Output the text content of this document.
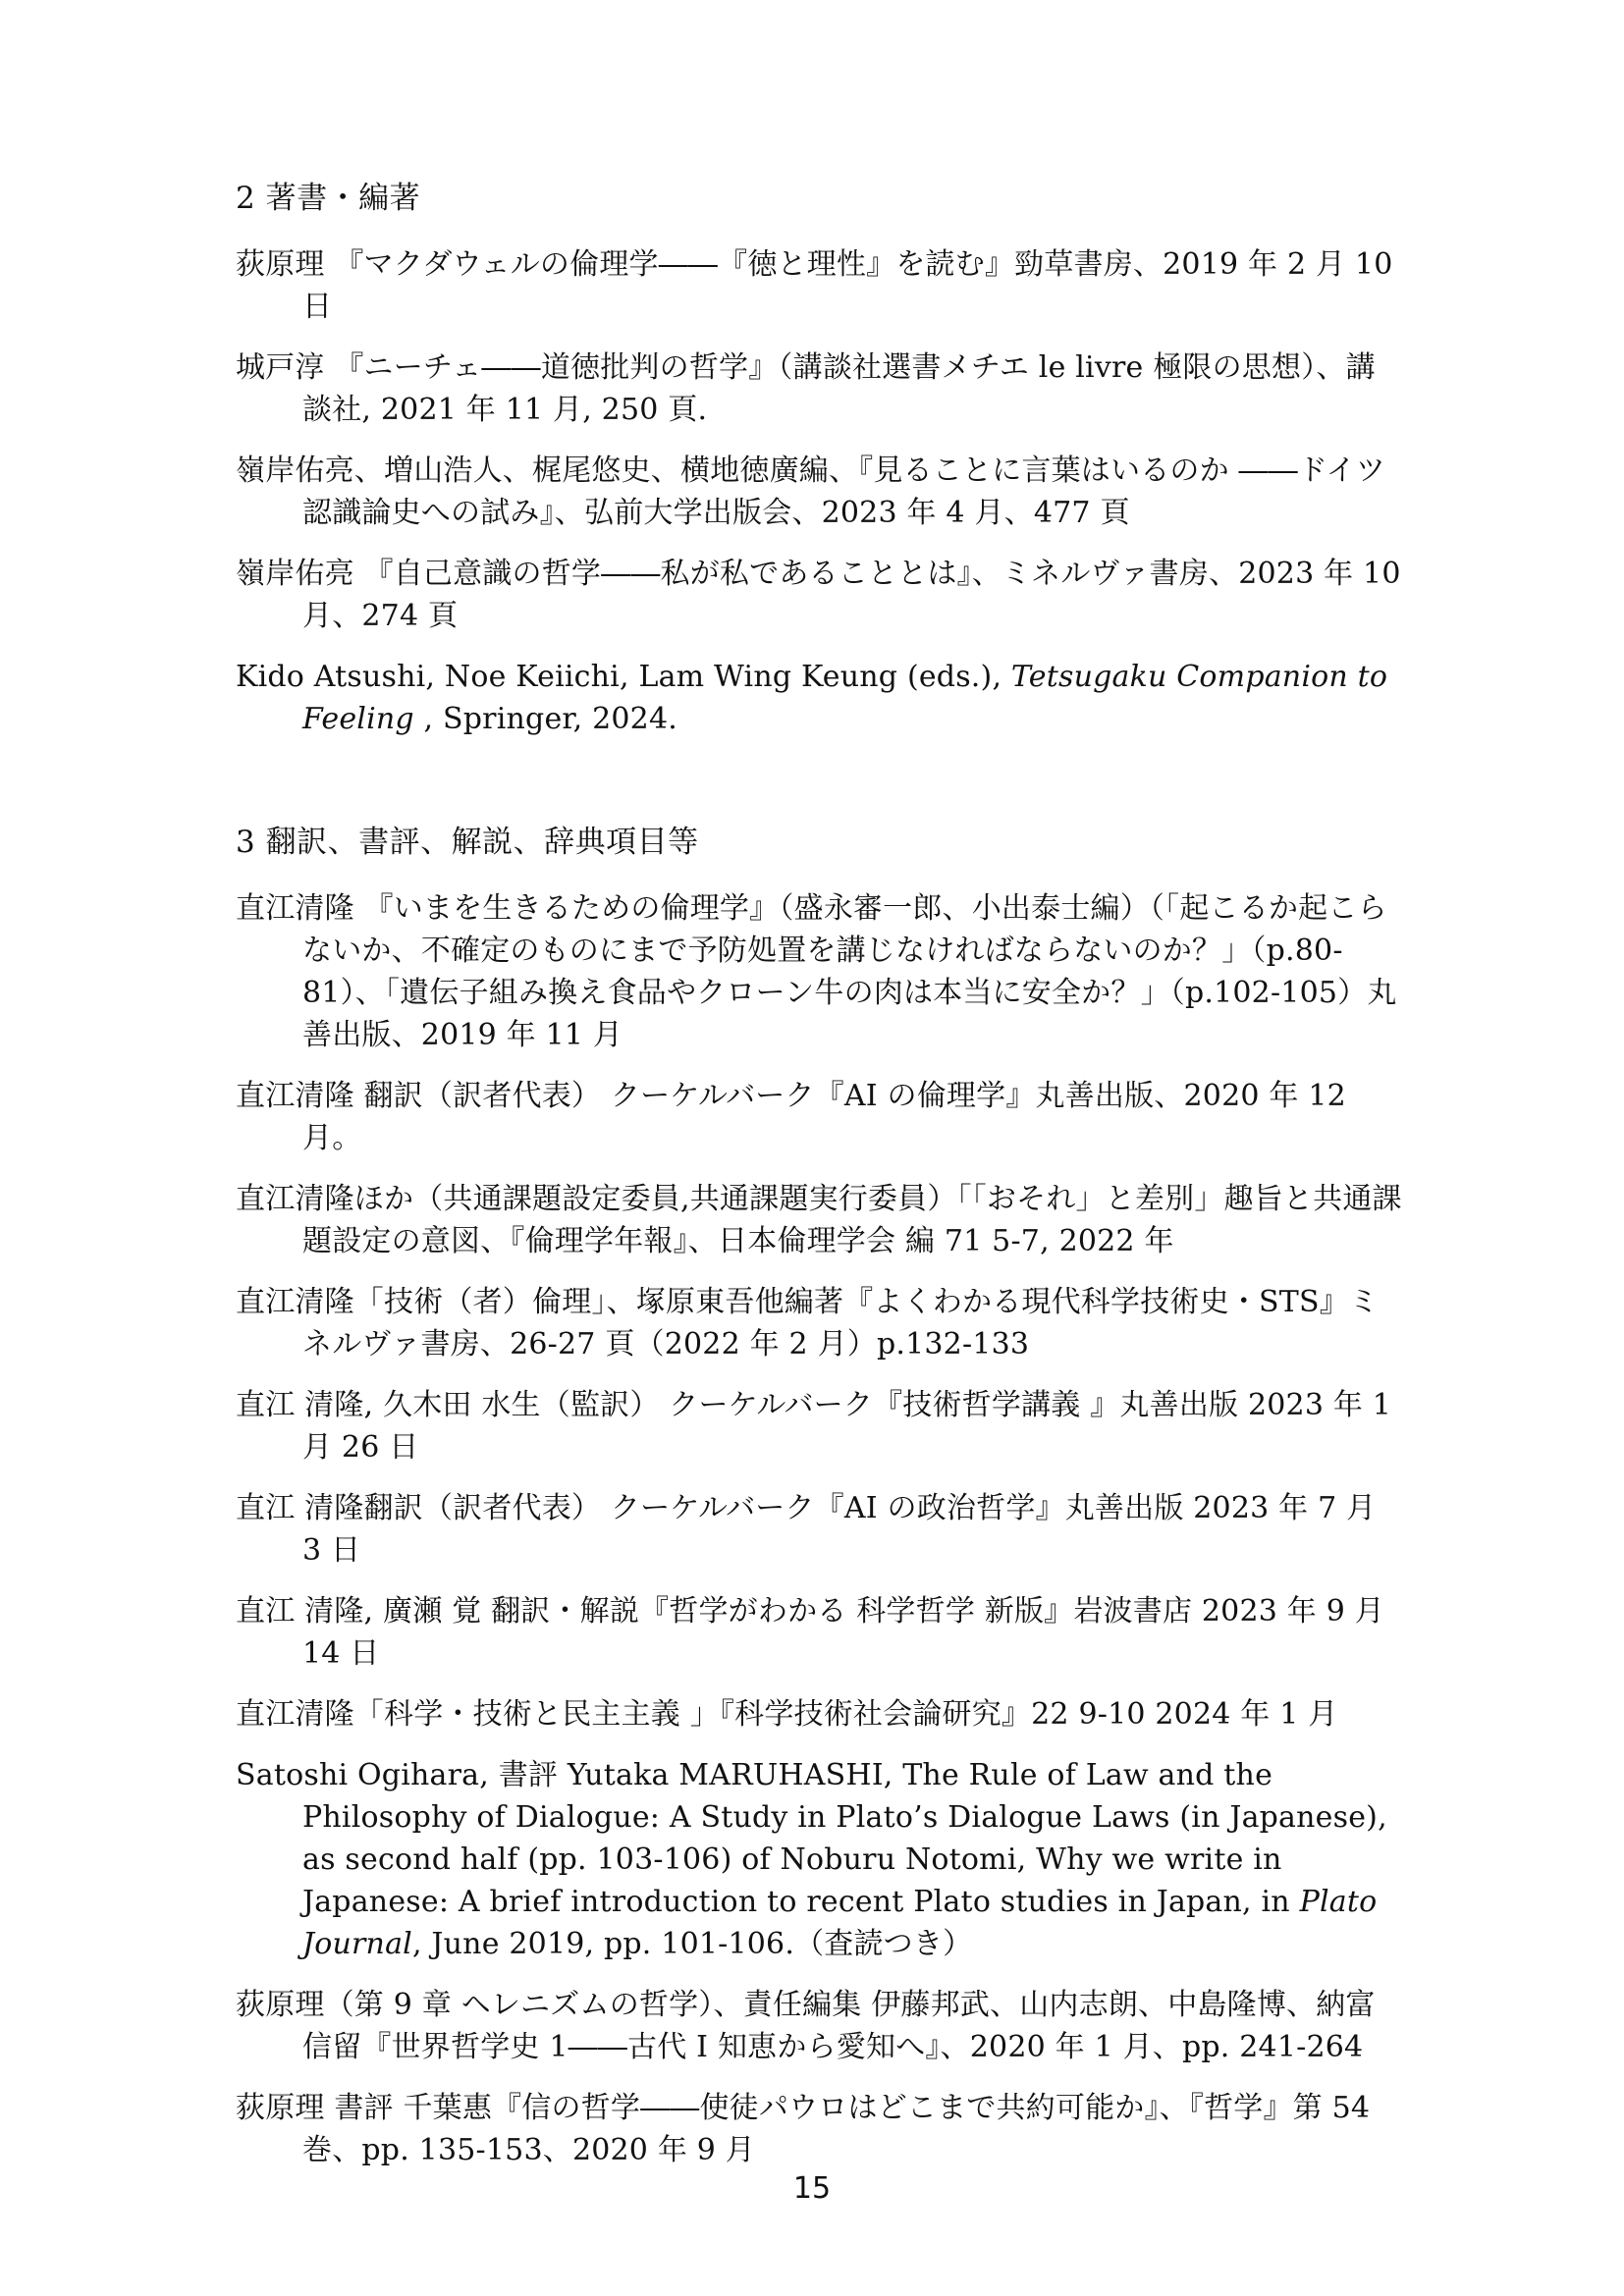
2 著書・編著
荻原理 『マクダウェルの倫理学――『徳と理性』を読む』勁草書房、2019 年 2 月 10 日
城戸淳 『ニーチェ――道徳批判の哲学』（講談社選書メチエ le livre 極限の思想）、講談社, 2021 年 11 月, 250 頁.
嶺岸佑亮、増山浩人、梶尾悠史、横地徳廣編、『見ることに言葉はいるのか ――ドイツ認識論史への試み』、弘前大学出版会、2023 年 4 月、477 頁
嶺岸佑亮 『自己意識の哲学――私が私であることとは』、ミネルヴァ書房、2023 年 10 月、274 頁
Kido Atsushi, Noe Keiichi, Lam Wing Keung (eds.), Tetsugaku Companion to Feeling , Springer, 2024.
3 翻訳、書評、解説、辞典項目等
直江清隆 『いまを生きるための倫理学』（盛永審一郎、小出泰士編）（「起こるか起こらないか、不確定のものにまで予防処置を講じなければならないのか？」（p.80-81）、「遺伝子組み換え食品やクローン牛の肉は本当に安全か？」（p.102-105）丸善出版、2019 年 11 月
直江清隆 翻訳（訳者代表） クーケルバーク『AI の倫理学』丸善出版、2020 年 12 月。
直江清隆ほか（共通課題設定委員,共通課題実行委員）「「おそれ」と差別」趣旨と共通課題設定の意図、『倫理学年報』、日本倫理学会 編 71 5-7, 2022 年
直江清隆「技術（者）倫理」、塚原東吾他編著『よくわかる現代科学技術史・STS』ミネルヴァ書房、26-27 頁（2022 年 2 月）p.132-133
直江 清隆, 久木田 水生（監訳） クーケルバーク『技術哲学講義 』丸善出版 2023 年 1 月 26 日
直江 清隆翻訳（訳者代表） クーケルバーク『AI の政治哲学』丸善出版 2023 年 7 月 3 日
直江 清隆, 廣瀬 覚 翻訳・解説『哲学がわかる 科学哲学 新版』岩波書店 2023 年 9 月 14 日
直江清隆「科学・技術と民主主義 」『科学技術社会論研究』22 9-10 2024 年 1 月
Satoshi Ogihara, 書評 Yutaka MARUHASHI, The Rule of Law and the Philosophy of Dialogue: A Study in Plato’s Dialogue Laws (in Japanese), as second half (pp. 103-106) of Noburu Notomi, Why we write in Japanese: A brief introduction to recent Plato studies in Japan, in Plato Journal, June 2019, pp. 101-106.（査読つき）
荻原理（第 9 章 ヘレニズムの哲学）、責任編集 伊藤邦武、山内志朗、中島隆博、納富信留『世界哲学史 1――古代 I 知恵から愛知へ』、2020 年 1 月、pp. 241-264
荻原理 書評 千葉惠『信の哲学――使徒パウロはどこまで共約可能か』、『哲学』第 54 巻、pp. 135-153、2020 年 9 月
15
